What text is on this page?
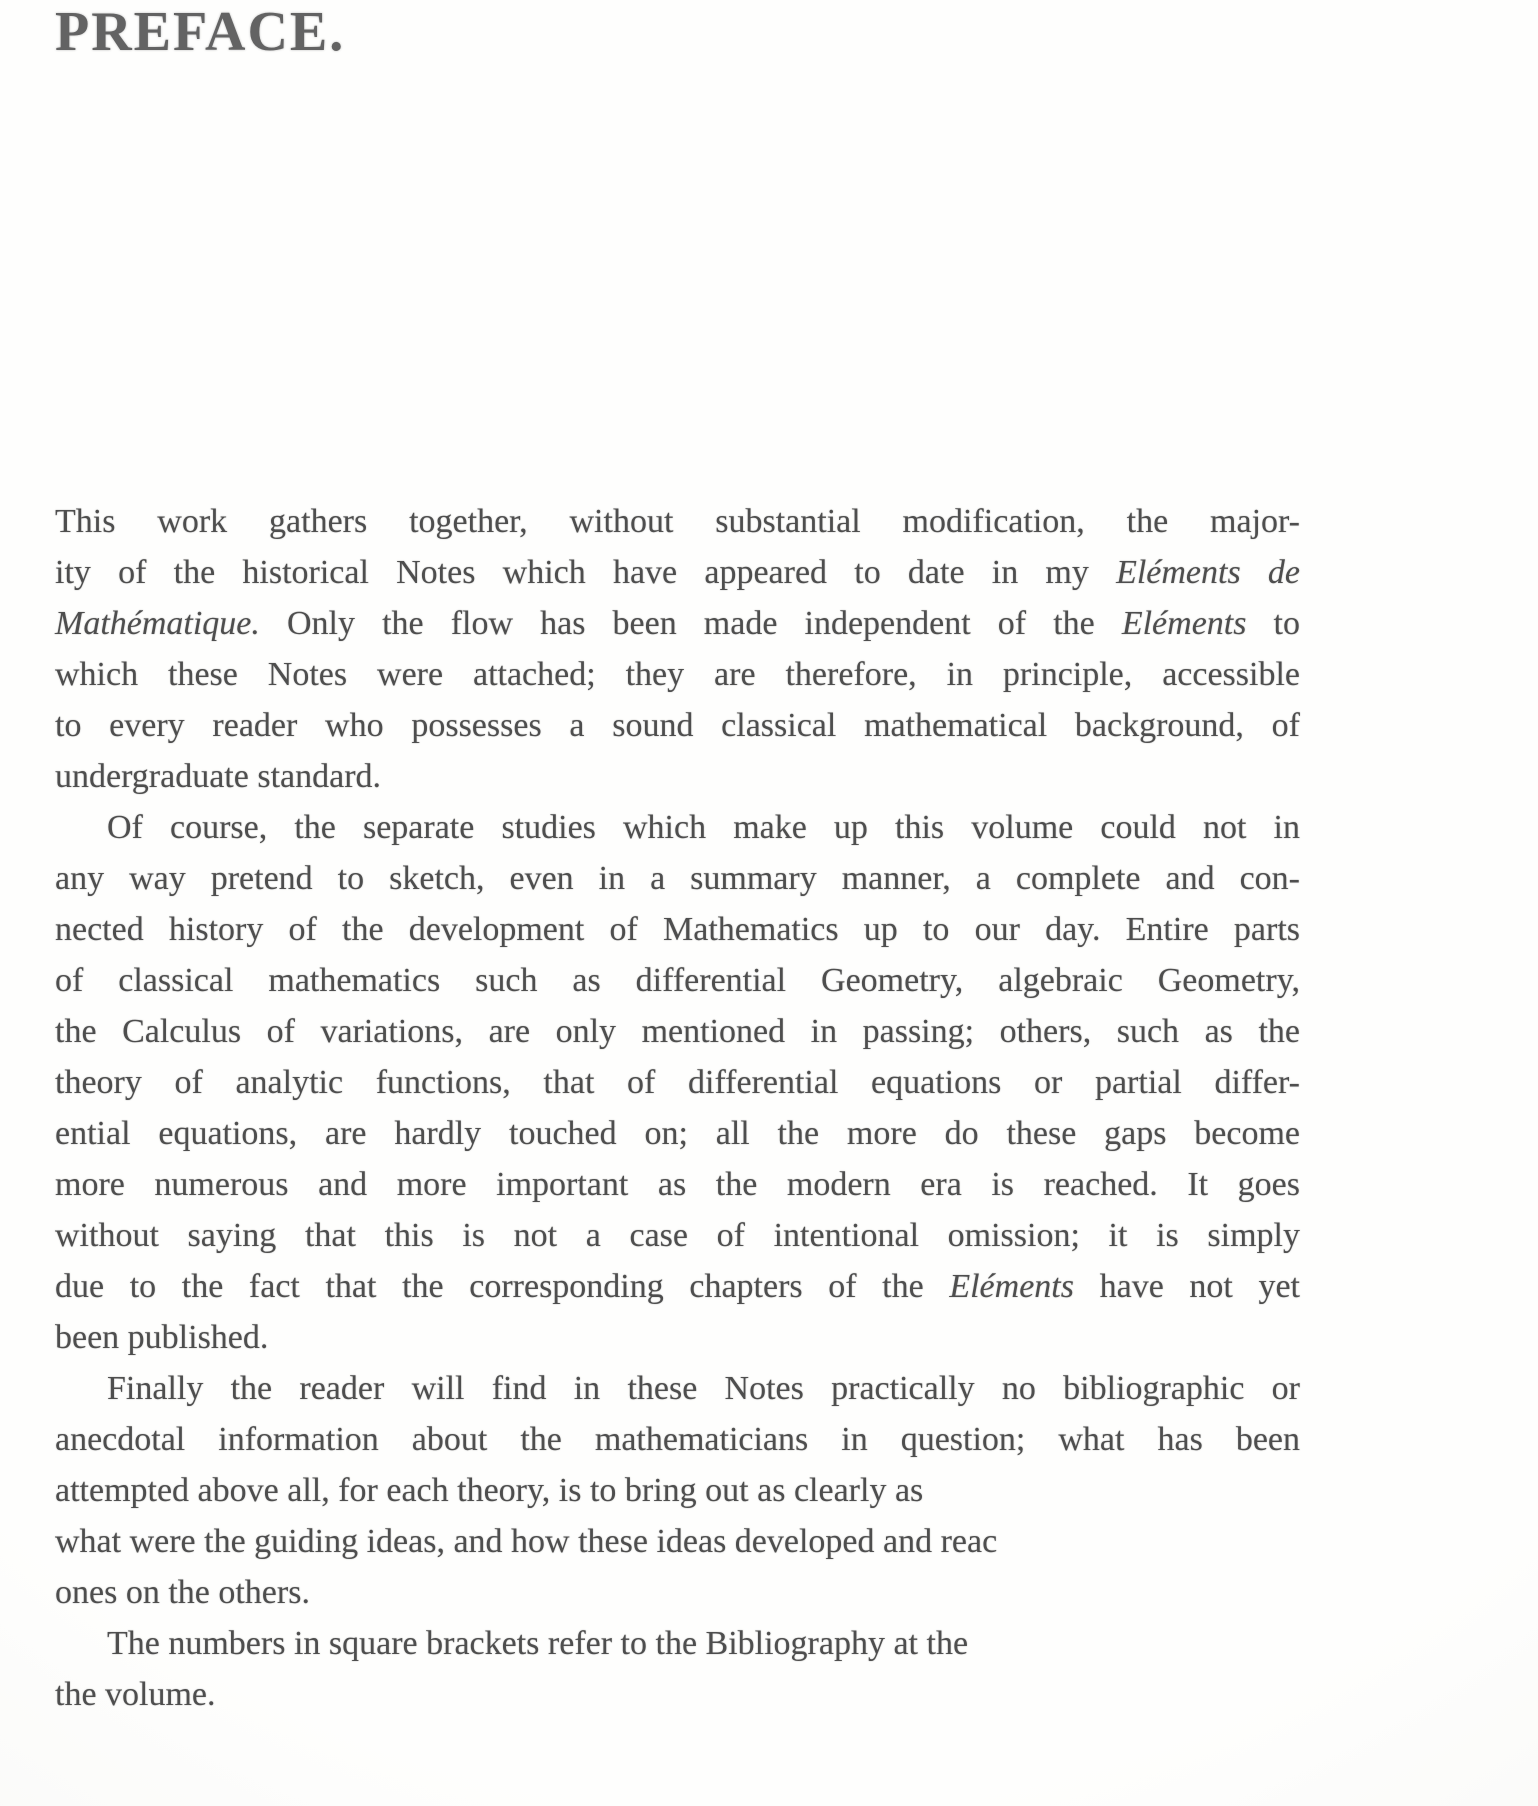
PREFACE.
This work gathers together, without substantial modification, the major-
ity of the historical Notes which have appeared to date in my Eléments de
Mathématique. Only the flow has been made independent of the Eléments to
which these Notes were attached; they are therefore, in principle, accessible
to every reader who possesses a sound classical mathematical background, of
undergraduate standard.
Of course, the separate studies which make up this volume could not in
any way pretend to sketch, even in a summary manner, a complete and con-
nected history of the development of Mathematics up to our day. Entire parts
of classical mathematics such as differential Geometry, algebraic Geometry,
the Calculus of variations, are only mentioned in passing; others, such as the
theory of analytic functions, that of differential equations or partial differ-
ential equations, are hardly touched on; all the more do these gaps become
more numerous and more important as the modern era is reached. It goes
without saying that this is not a case of intentional omission; it is simply
due to the fact that the corresponding chapters of the Eléments have not yet
been published.
Finally the reader will find in these Notes practically no bibliographic or
anecdotal information about the mathematicians in question; what has been
attempted above all, for each theory, is to bring out as clearly as
what were the guiding ideas, and how these ideas developed and reac
ones on the others.
The numbers in square brackets refer to the Bibliography at the
the volume.
